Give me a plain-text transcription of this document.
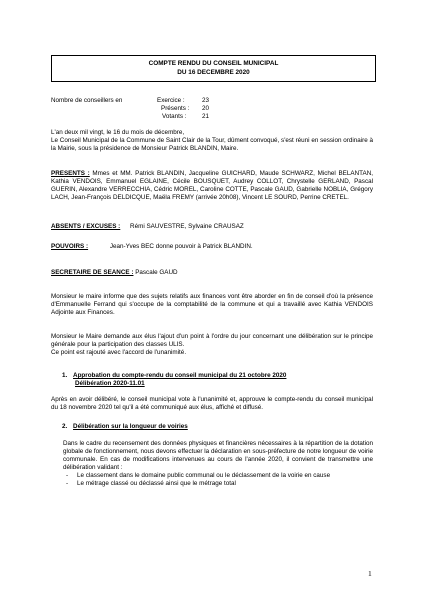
COMPTE RENDU DU CONSEIL MUNICIPAL
DU 16 DECEMBRE 2020
Nombre de conseillers en	Exercice :	23
Présents : 20
Votants : 21
L'an deux mil vingt, le 16 du mois de décembre,
Le Conseil Municipal de la Commune de Saint Clair de la Tour, dûment convoqué, s'est réuni en session ordinaire à la Mairie, sous la présidence de Monsieur Patrick BLANDIN, Maire.
PRESENTS : Mmes et MM. Patrick BLANDIN, Jacqueline GUICHARD, Maude SCHWARZ, Michel BELANTAN, Kathia VENDOIS, Emmanuel EGLAINE, Cécile BOUSQUET, Audrey COLLOT, Chrystelle GERLAND, Pascal GUERIN, Alexandre VERRECCHIA, Cédric MOREL, Caroline COTTE, Pascale GAUD, Gabrielle NOBLIA, Grégory LACH, Jean-François DELDICQUE, Maëla FREMY (arrivée 20h08), Vincent LE SOURD, Perrine CRETEL.
ABSENTS / EXCUSES : Rémi SAUVESTRE, Sylvaine CRAUSAZ
POUVOIRS :	Jean-Yves BEC donne pouvoir à Patrick BLANDIN.
SECRETAIRE DE SEANCE : Pascale GAUD
Monsieur le maire informe que des sujets relatifs aux finances vont être aborder en fin de conseil d'où la présence d'Emmanuelle Ferrand qui s'occupe de la comptabilité de la commune et qui a travaillé avec Kathia VENDOIS Adjointe aux Finances.
Monsieur le Maire demande aux élus l'ajout d'un point à l'ordre du jour concernant une délibération sur le principe générale pour la participation des classes ULIS.
Ce point est rajouté avec l'accord de l'unanimité.
1. Approbation du compte-rendu du conseil municipal du 21 octobre 2020
Délibération 2020-11.01
Après en avoir délibéré, le conseil municipal vote à l'unanimité et, approuve le compte-rendu du conseil municipal du 18 novembre 2020 tel qu'il a été communiqué aux élus, affiché et diffusé.
2. Délibération sur la longueur de voiries
Dans le cadre du recensement des données physiques et financières nécessaires à la répartition de la dotation globale de fonctionnement, nous devons effectuer la déclaration en sous-préfecture de notre longueur de voirie communale. En cas de modifications intervenues au cours de l'année 2020, il convient de transmettre une délibération validant :
- Le classement dans le domaine public communal ou le déclassement de la voirie en cause
- Le métrage classé ou déclassé ainsi que le métrage total
1
